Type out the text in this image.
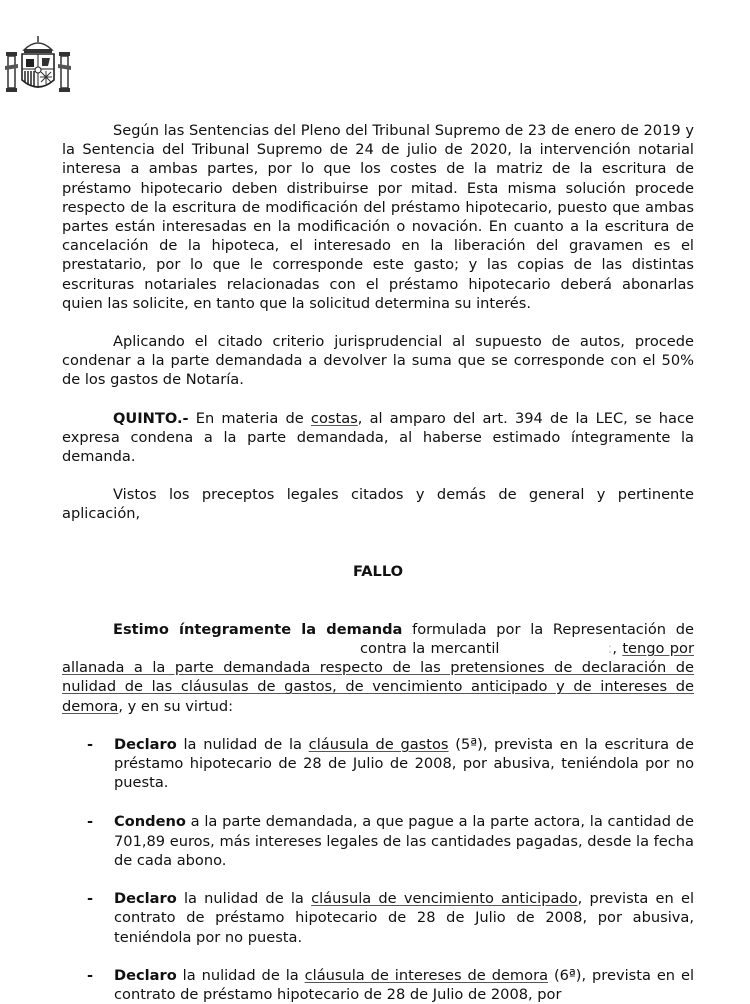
Según las Sentencias del Pleno del Tribunal Supremo de 23 de enero de 2019 y la Sentencia del Tribunal Supremo de 24 de julio de 2020, la intervención notarial interesa a ambas partes, por lo que los costes de la matriz de la escritura de préstamo hipotecario deben distribuirse por mitad. Esta misma solución procede respecto de la escritura de modificación del préstamo hipotecario, puesto que ambas partes están interesadas en la modificación o novación. En cuanto a la escritura de cancelación de la hipoteca, el interesado en la liberación del gravamen es el prestatario, por lo que le corresponde este gasto; y las copias de las distintas escrituras notariales relacionadas con el préstamo hipotecario deberá abonarlas quien las solicite, en tanto que la solicitud determina su interés.

Aplicando el citado criterio jurisprudencial al supuesto de autos, procede condenar a la parte demandada a devolver la suma que se corresponde con el 50% de los gastos de Notaría.

QUINTO.- En materia de costas, al amparo del art. 394 de la LEC, se hace expresa condena a la parte demandada, al haberse estimado íntegramente la demanda.

Vistos los preceptos legales citados y demás de general y pertinente aplicación,

FALLO

Estimo íntegramente la demanda formulada por la Representación decontra la mercantil	:, tengo por allanada a la parte demandada respecto de las pretensiones de declaración de nulidad de las cláusulas de gastos, de vencimiento anticipado y de intereses de demora, y en su virtud:

- Declaro la nulidad de la cláusula de gastos (5ª), prevista en la escritura de préstamo hipotecario de 28 de Julio de 2008, por abusiva, teniéndola por no puesta.
- Condeno a la parte demandada, a que pague a la parte actora, la cantidad de 701,89 euros, más intereses legales de las cantidades pagadas, desde la fecha de cada abono.
- Declaro la nulidad de la cláusula de vencimiento anticipado, prevista en el contrato de préstamo hipotecario de 28 de Julio de 2008, por abusiva, teniéndola por no puesta.
- Declaro la nulidad de la cláusula de intereses de demora (6ª), prevista en el contrato de préstamo hipotecario de 28 de Julio de 2008, por
